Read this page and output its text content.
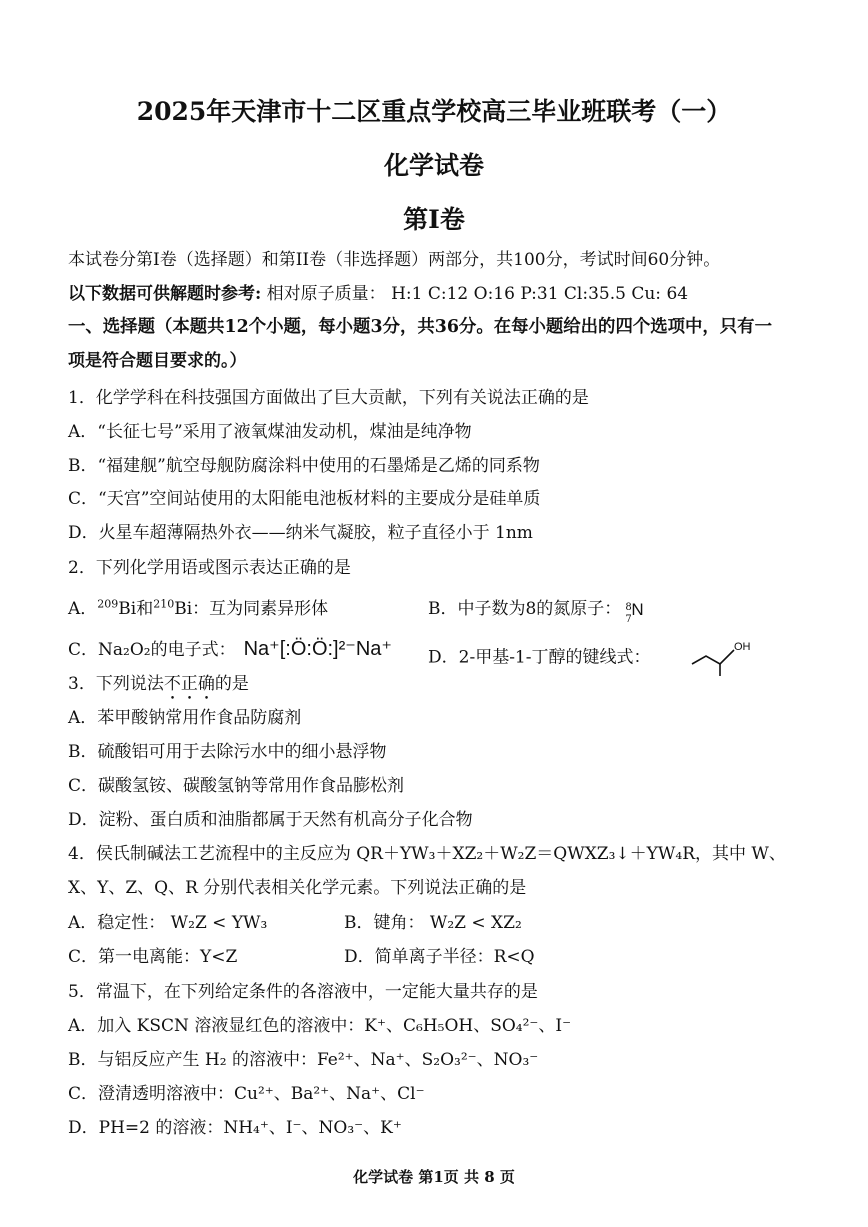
2025年天津市十二区重点学校高三毕业班联考（一）
化学试卷
第I卷
本试卷分第I卷（选择题）和第II卷（非选择题）两部分，共100分，考试时间60分钟。
以下数据可供解题时参考: 相对原子质量： H:1 C:12 O:16 P:31 Cl:35.5 Cu: 64
一、选择题（本题共12个小题，每小题3分，共36分。在每小题给出的四个选项中，只有一
项是符合题目要求的。）
1．化学学科在科技强国方面做出了巨大贡献，下列有关说法正确的是
A．“长征七号”采用了液氧煤油发动机，煤油是纯净物
B．“福建舰”航空母舰防腐涂料中使用的石墨烯是乙烯的同系物
C．“天宫”空间站使用的太阳能电池板材料的主要成分是硅单质
D．火星车超薄隔热外衣——纳米气凝胶，粒子直径小于 1nm
2．下列化学用语或图示表达正确的是
A．$^{209}$Bi和$^{210}$Bi：互为同素异形体	B．中子数为8的氮原子： 8
7
N
C．Na₂O₂的电子式： Na⁺[:Ö:Ö:]²⁻Na⁺ D．2-甲基-1-丁醇的键线式：
OH
3．下列说法不正确的是
A．苯甲酸钠常用作食品防腐剂
B．硫酸铝可用于去除污水中的细小悬浮物
C．碳酸氢铵、碳酸氢钠等常用作食品膨松剂
D．淀粉、蛋白质和油脂都属于天然有机高分子化合物
4．侯氏制碱法工艺流程中的主反应为 QR＋YW₃＋XZ₂＋W₂Z＝QWXZ₃↓＋YW₄R，其中 W、
X、Y、Z、Q、R 分别代表相关化学元素。下列说法正确的是
A．稳定性： W₂Z < YW₃	B．键角： W₂Z < XZ₂
C．第一电离能：Y<Z	D．简单离子半径：R<Q
5．常温下，在下列给定条件的各溶液中，一定能大量共存的是
A．加入 KSCN 溶液显红色的溶液中：K⁺、C₆H₅OH、SO₄²⁻、I⁻
B．与铝反应产生 H₂ 的溶液中：Fe²⁺、Na⁺、S₂O₃²⁻、NO₃⁻
C．澄清透明溶液中：Cu²⁺、Ba²⁺、Na⁺、Cl⁻
D．PH=2 的溶液：NH₄⁺、I⁻、NO₃⁻、K⁺
化学试卷 第1页 共 8 页
